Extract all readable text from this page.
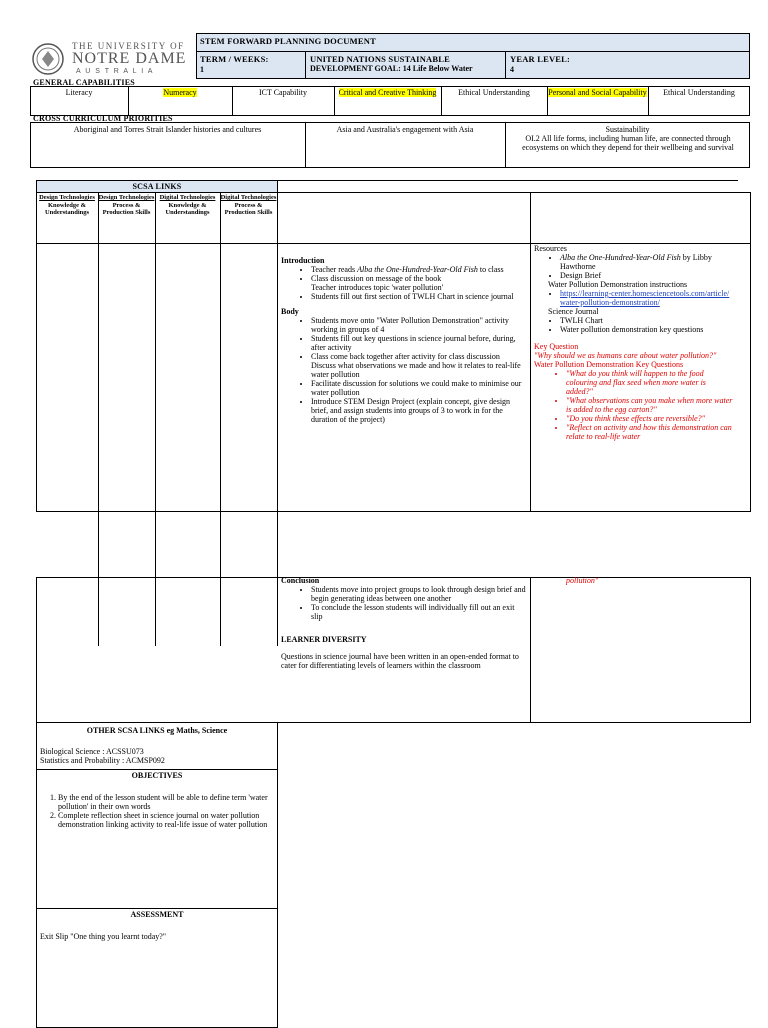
THE UNIVERSITY OF
NOTRE DAME
A U S T R A L I A
STEM FORWARD PLANNING DOCUMENT
TERM / WEEKS:
1
UNITED NATIONS SUSTAINABLE
DEVELOPMENT GOAL: 14 Life Below Water
YEAR LEVEL:
4
GENERAL CAPABILITIES
Literacy	Numeracy	ICT Capability	Critical and Creative Thinking	Ethical Understanding	Personal and Social Capability	Ethical Understanding
CROSS CURRICULUM PRIORITIES
Aboriginal and Torres Strait Islander histories and cultures	Asia and Australia's engagement with Asia	Sustainability
OI.2 All life forms, including human life, are connected through ecosystems on which they depend for their wellbeing and survival
SCSA LINKS
Design Technologies
Knowledge & Understandings
Design Technologies
Process & Production Skills
Digital Technologies
Knowledge & Understandings
Digital Technologies
Process & Production Skills
Introduction
• Teacher reads Alba the One-Hundred-Year-Old Fish to class
• Class discussion on message of the book
Teacher introduces topic 'water pollution'
• Students fill out first section of TWLH Chart in science journal
Body
• Students move onto "Water Pollution Demonstration" activity working in groups of 4
• Students fill out key questions in science journal before, during, after activity
• Class come back together after activity for class discussion
Discuss what observations we made and how it relates to real-life water pollution
• Facilitate discussion for solutions we could make to minimise our water pollution
• Introduce STEM Design Project (explain concept, give design brief, and assign students into groups of 3 to work in for the duration of the project)
Resources
• Alba the One-Hundred-Year-Old Fish by Libby Hawthorne
• Design Brief
Water Pollution Demonstration instructions
• https://learning-center.homesciencetools.com/article/water-pollution-demonstration/
Science Journal
• TWLH Chart
• Water pollution demonstration key questions
Key Question
"Why should we as humans care about water pollution?"
Water Pollution Demonstration Key Questions
• "What do you think will happen to the food colouring and flax seed when more water is added?"
• "What observations can you make when more water is added to the egg carton?"
• "Do you think these effects are reversible?"
• "Reflect on activity and how this demonstration can relate to real-life water
pollution"
Conclusion
• Students move into project groups to look through design brief and begin generating ideas between one another
• To conclude the lesson students will individually fill out an exit slip
LEARNER DIVERSITY
Questions in science journal have been written in an open-ended format to cater for differentiating levels of learners within the classroom
OTHER SCSA LINKS eg Maths, Science
Biological Science : ACSSU073
Statistics and Probability : ACMSP092
OBJECTIVES
1. By the end of the lesson student will be able to define term 'water pollution' in their own words
2. Complete reflection sheet in science journal on water pollution demonstration linking activity to real-life issue of water pollution
ASSESSMENT
Exit Slip "One thing you learnt today?"
